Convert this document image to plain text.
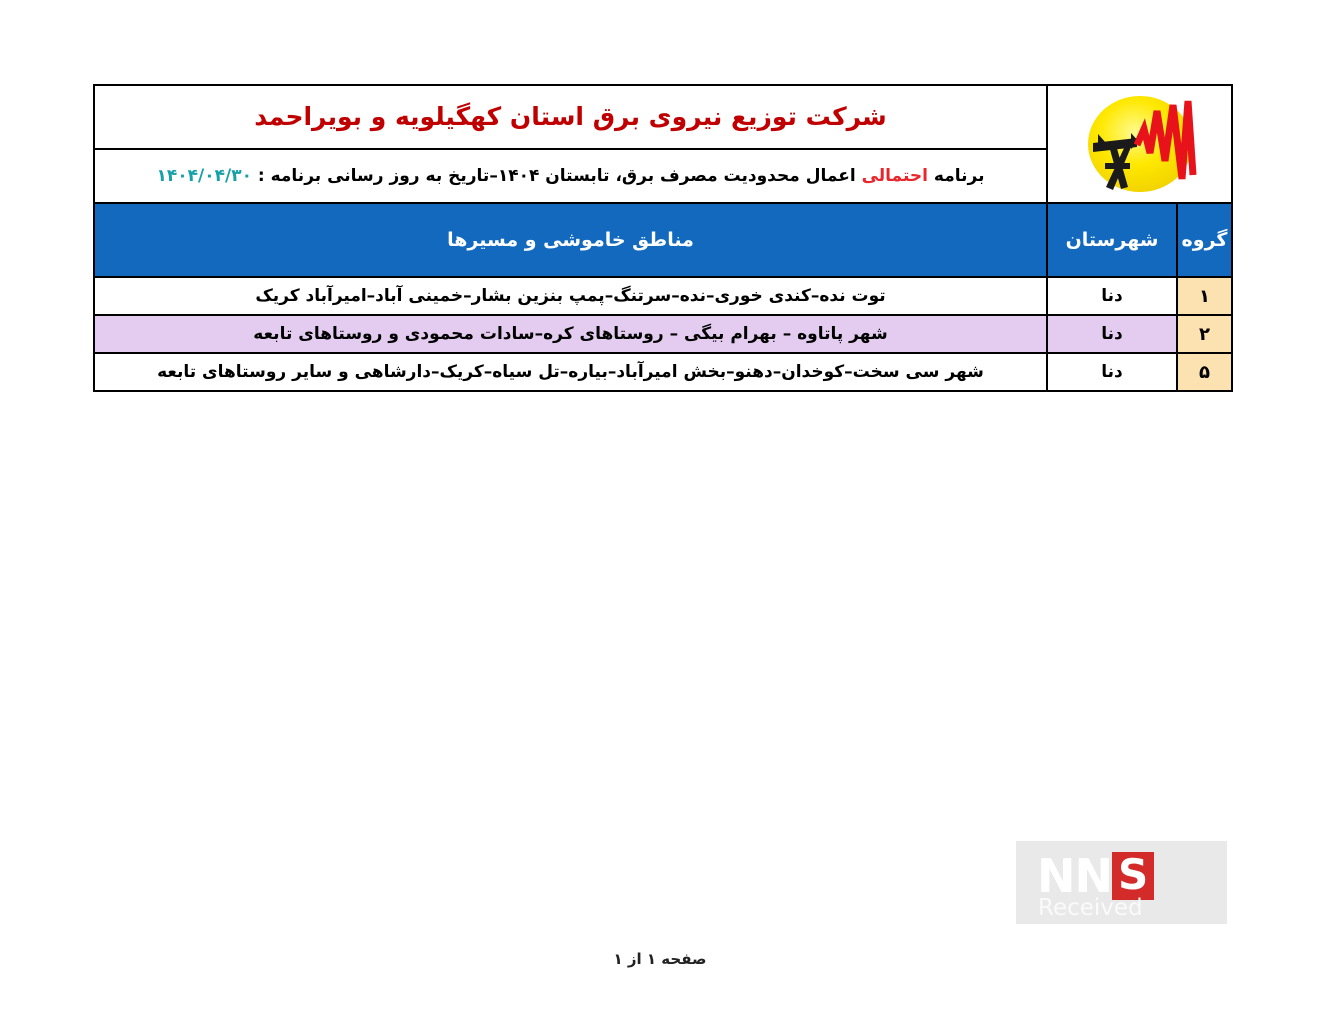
	شرکت توزیع نیروی برق استان کهگیلویه و بویراحمد
		برنامه احتمالی اعمال محدودیت مصرف برق، تابستان ۱۴۰۴–تاریخ به روز رسانی برنامه : ۱۴۰۴/۰۴/۳۰
گروه	شهرستان	مناطق خاموشی و مسیرها
۱	دنا	توت نده–کندی خوری–نده–سرتنگ–پمپ بنزین بشار–خمینی آباد–امیرآباد کریک
۲	دنا	شهر پاتاوه – بهرام بیگی – روستاهای کره–سادات محمودی و روستاهای تابعه
۵	دنا	شهر سی سخت–کوخدان–دهنو–بخش امیرآباد–بیاره–تل سیاه–کریک–دارشاهی و سایر روستاهای تابعه
S
NN
Received
صفحه ۱ از ۱
